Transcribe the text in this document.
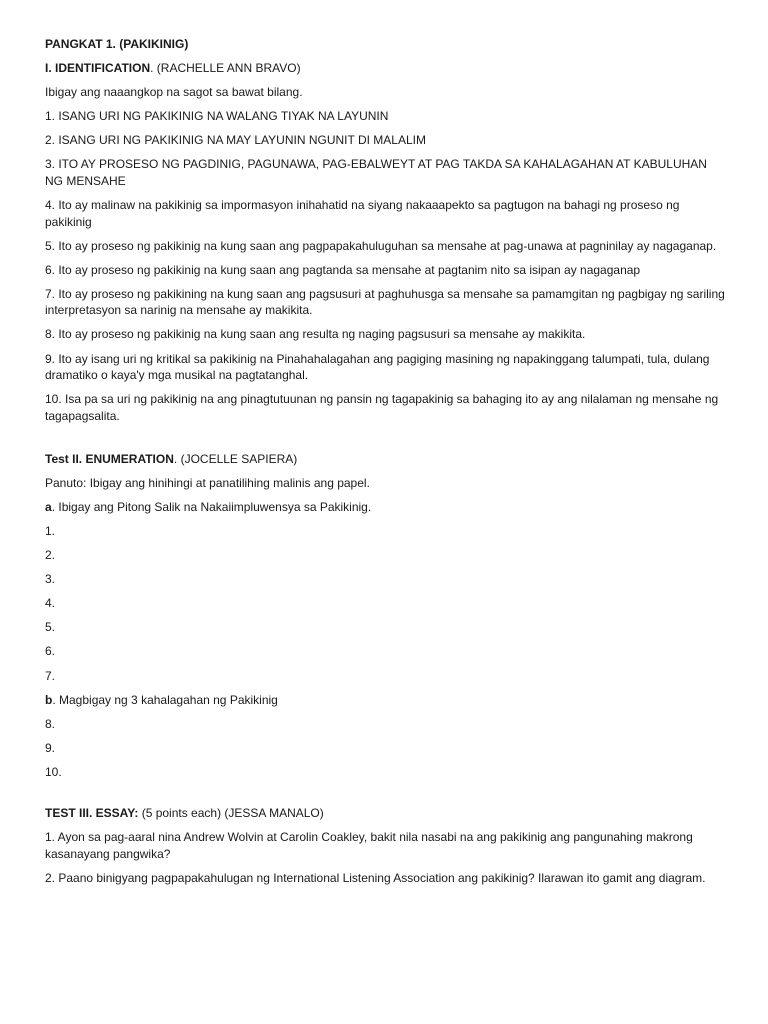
PANGKAT 1. (PAKIKINIG)

I. IDENTIFICATION. (RACHELLE ANN BRAVO)

Ibigay ang naaangkop na sagot sa bawat bilang.

1. ISANG URI NG PAKIKINIG NA WALANG TIYAK NA LAYUNIN

2. ISANG URI NG PAKIKINIG NA MAY LAYUNIN NGUNIT DI MALALIM

3. ITO AY PROSESO NG PAGDINIG, PAGUNAWA, PAG-EBALWEYT AT PAG TAKDA SA KAHALAGAHAN AT KABULUHAN NG MENSAHE

4. Ito ay malinaw na pakikinig sa impormasyon inihahatid na siyang nakaaapekto sa pagtugon na bahagi ng proseso ng pakikinig

5. Ito ay proseso ng pakikinig na kung saan ang pagpapakahuluguhan sa mensahe at pag-unawa at pagninilay ay nagaganap.

6. Ito ay proseso ng pakikinig na kung saan ang pagtanda sa mensahe at pagtanim nito sa isipan ay nagaganap

7. Ito ay proseso ng pakikining na kung saan ang pagsusuri at paghuhusga sa mensahe sa pamamgitan ng pagbigay ng sariling interpretasyon sa narinig na mensahe ay makikita.

8. Ito ay proseso ng pakikinig na kung saan ang resulta ng naging pagsusuri sa mensahe ay makikita.

9. Ito ay isang uri ng kritikal sa pakikinig na Pinahahalagahan ang pagiging masining ng napakinggang talumpati, tula, dulang dramatiko o kaya'y mga musikal na pagtatanghal.

10. Isa pa sa uri ng pakikinig na ang pinagtutuunan ng pansin ng tagapakinig sa bahaging ito ay ang nilalaman ng mensahe ng tagapagsalita.

Test II. ENUMERATION. (JOCELLE SAPIERA)

Panuto: Ibigay ang hinihingi at panatilihing malinis ang papel.

a. Ibigay ang Pitong Salik na Nakaiimpluwensya sa Pakikinig.

1.

2.

3.

4.

5.

6.

7.

b. Magbigay ng 3 kahalagahan ng Pakikinig

8.

9.

10.

TEST III. ESSAY: (5 points each) (JESSA MANALO)

1. Ayon sa pag-aaral nina Andrew Wolvin at Carolin Coakley, bakit nila nasabi na ang pakikinig ang pangunahing makrong kasanayang pangwika?

2. Paano binigyang pagpapakahulugan ng International Listening Association ang pakikinig? Ilarawan ito gamit ang diagram.
